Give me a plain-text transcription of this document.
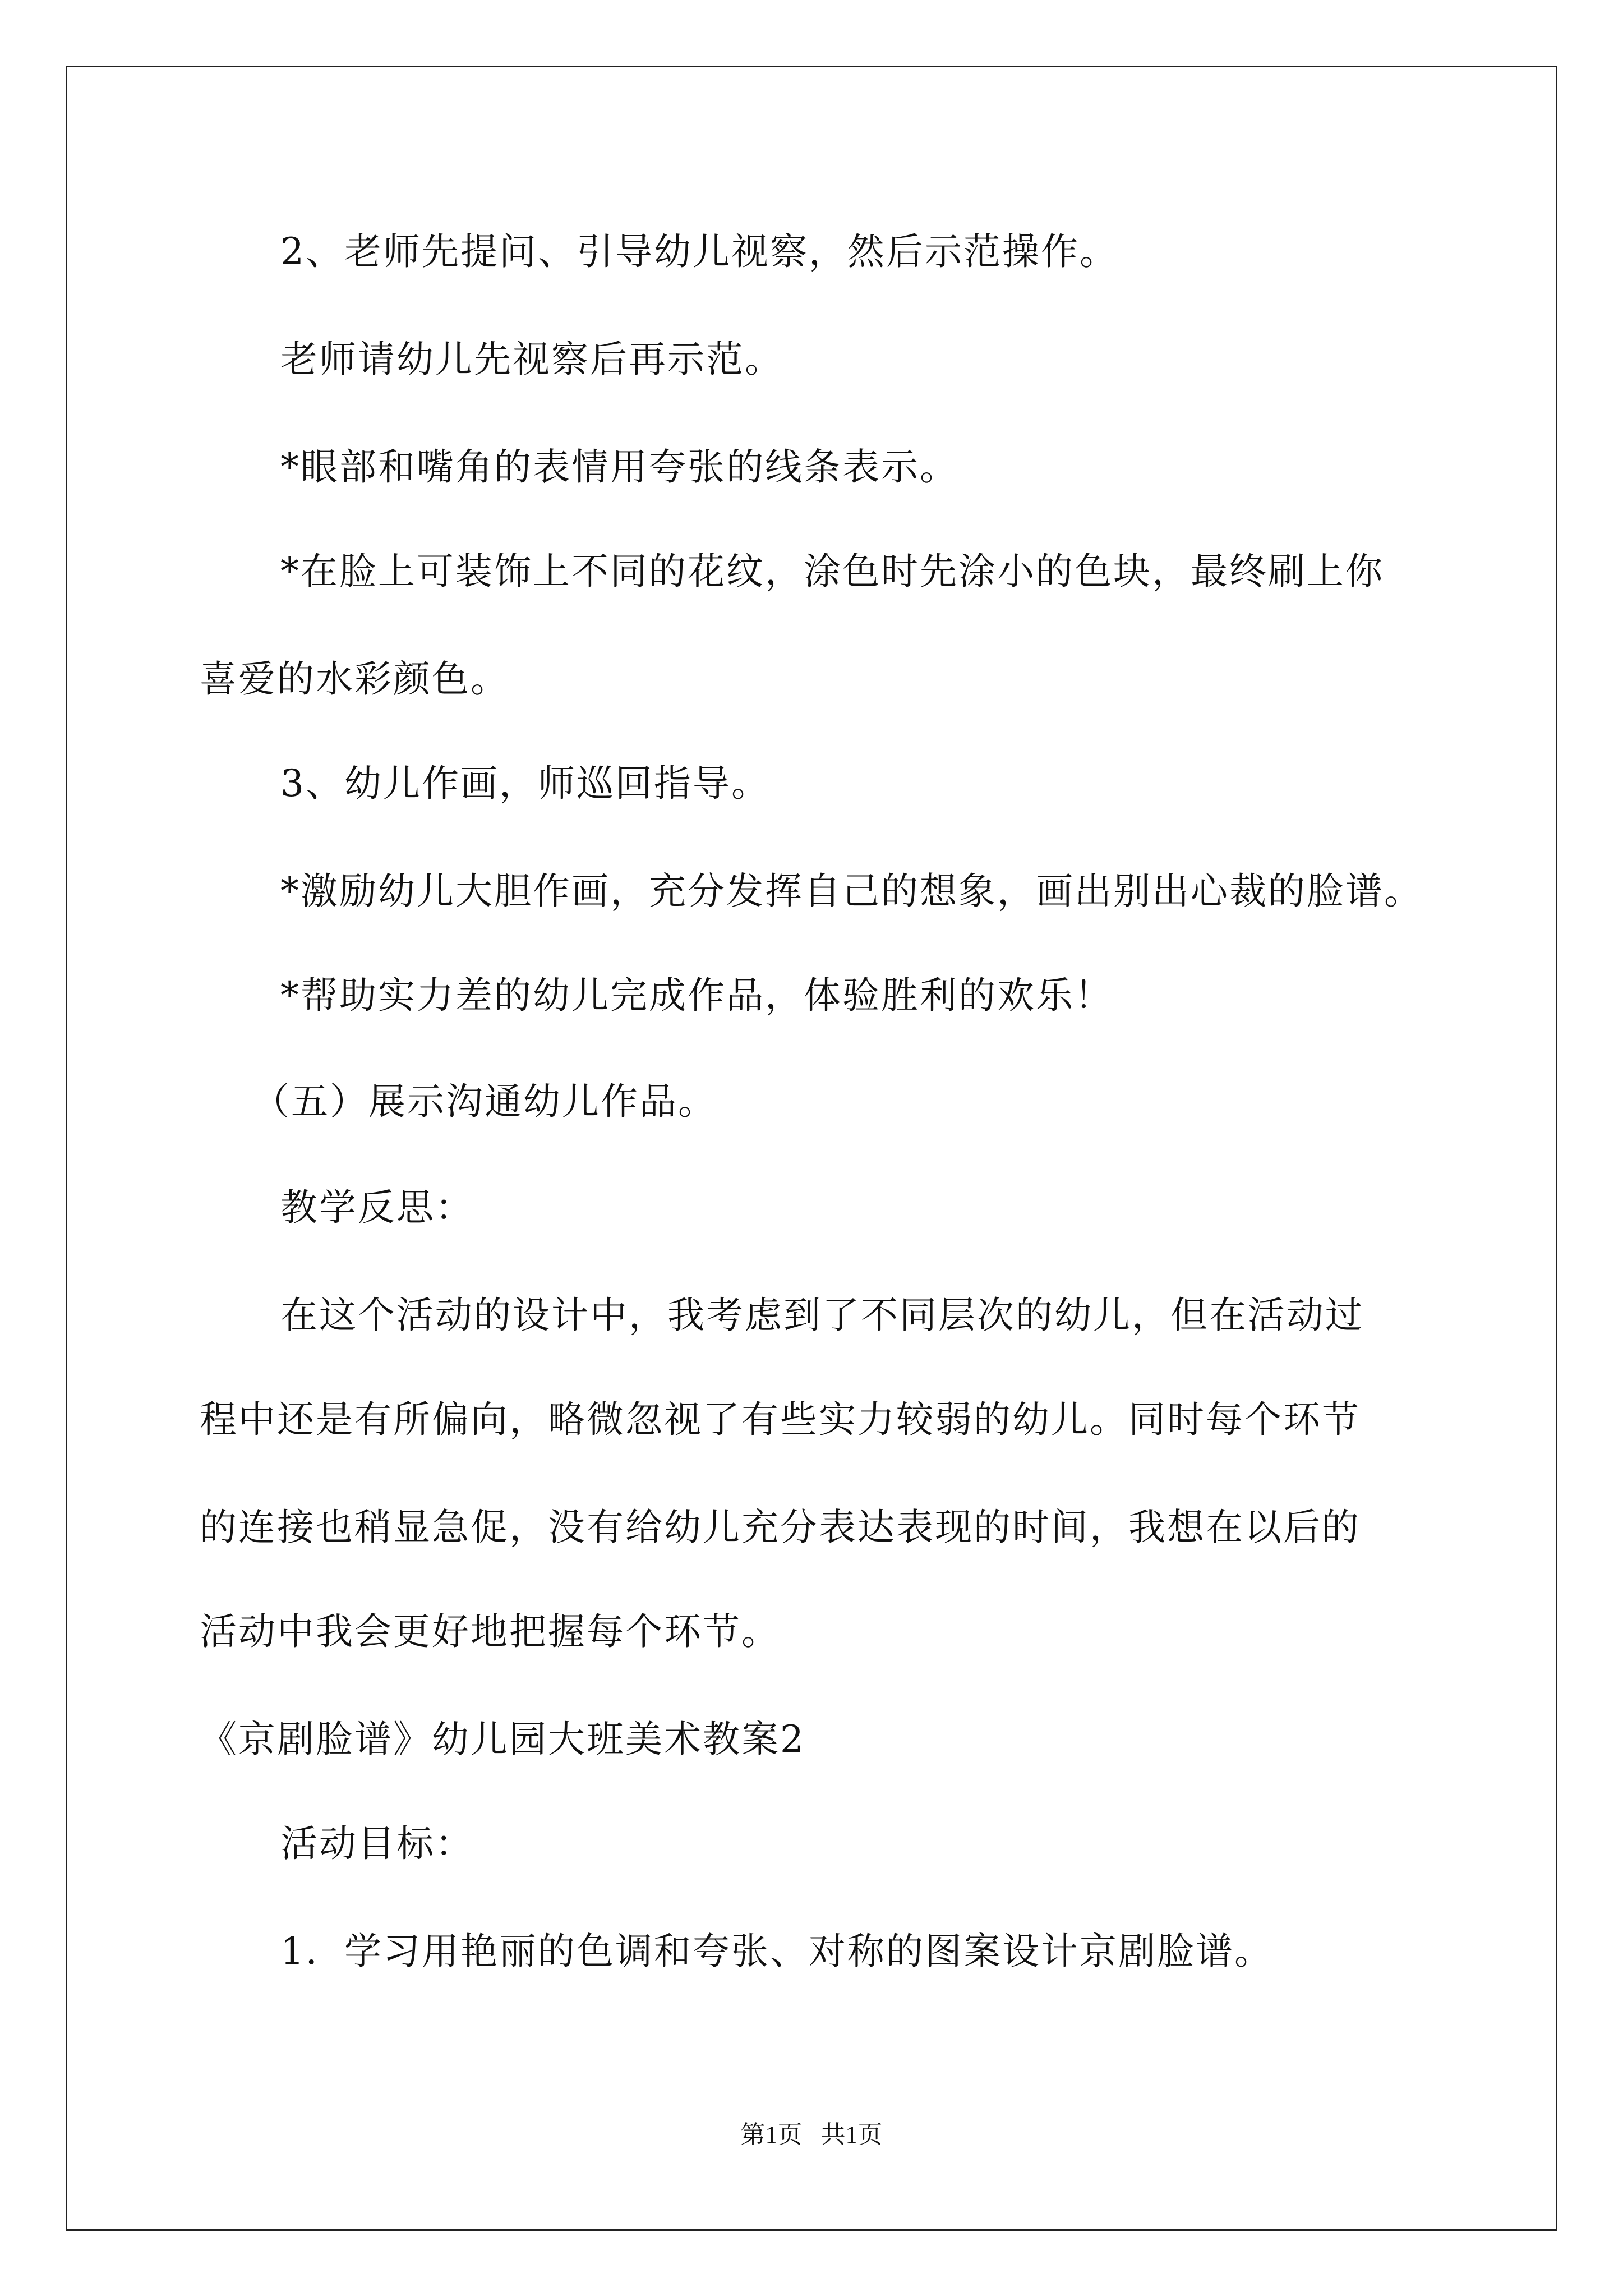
2、老师先提问、引导幼儿视察，然后示范操作。
老师请幼儿先视察后再示范。
*眼部和嘴角的表情用夸张的线条表示。
*在脸上可装饰上不同的花纹，涂色时先涂小的色块，最终刷上你
喜爱的水彩颜色。
3、幼儿作画，师巡回指导。
*激励幼儿大胆作画，充分发挥自己的想象，画出别出心裁的脸谱。
*帮助实力差的幼儿完成作品，体验胜利的欢乐！
（五）展示沟通幼儿作品。
教学反思：
在这个活动的设计中，我考虑到了不同层次的幼儿，但在活动过
程中还是有所偏向，略微忽视了有些实力较弱的幼儿。同时每个环节
的连接也稍显急促，没有给幼儿充分表达表现的时间，我想在以后的
活动中我会更好地把握每个环节。
《京剧脸谱》幼儿园大班美术教案2
活动目标：
1．学习用艳丽的色调和夸张、对称的图案设计京剧脸谱。
第1页   共1页
